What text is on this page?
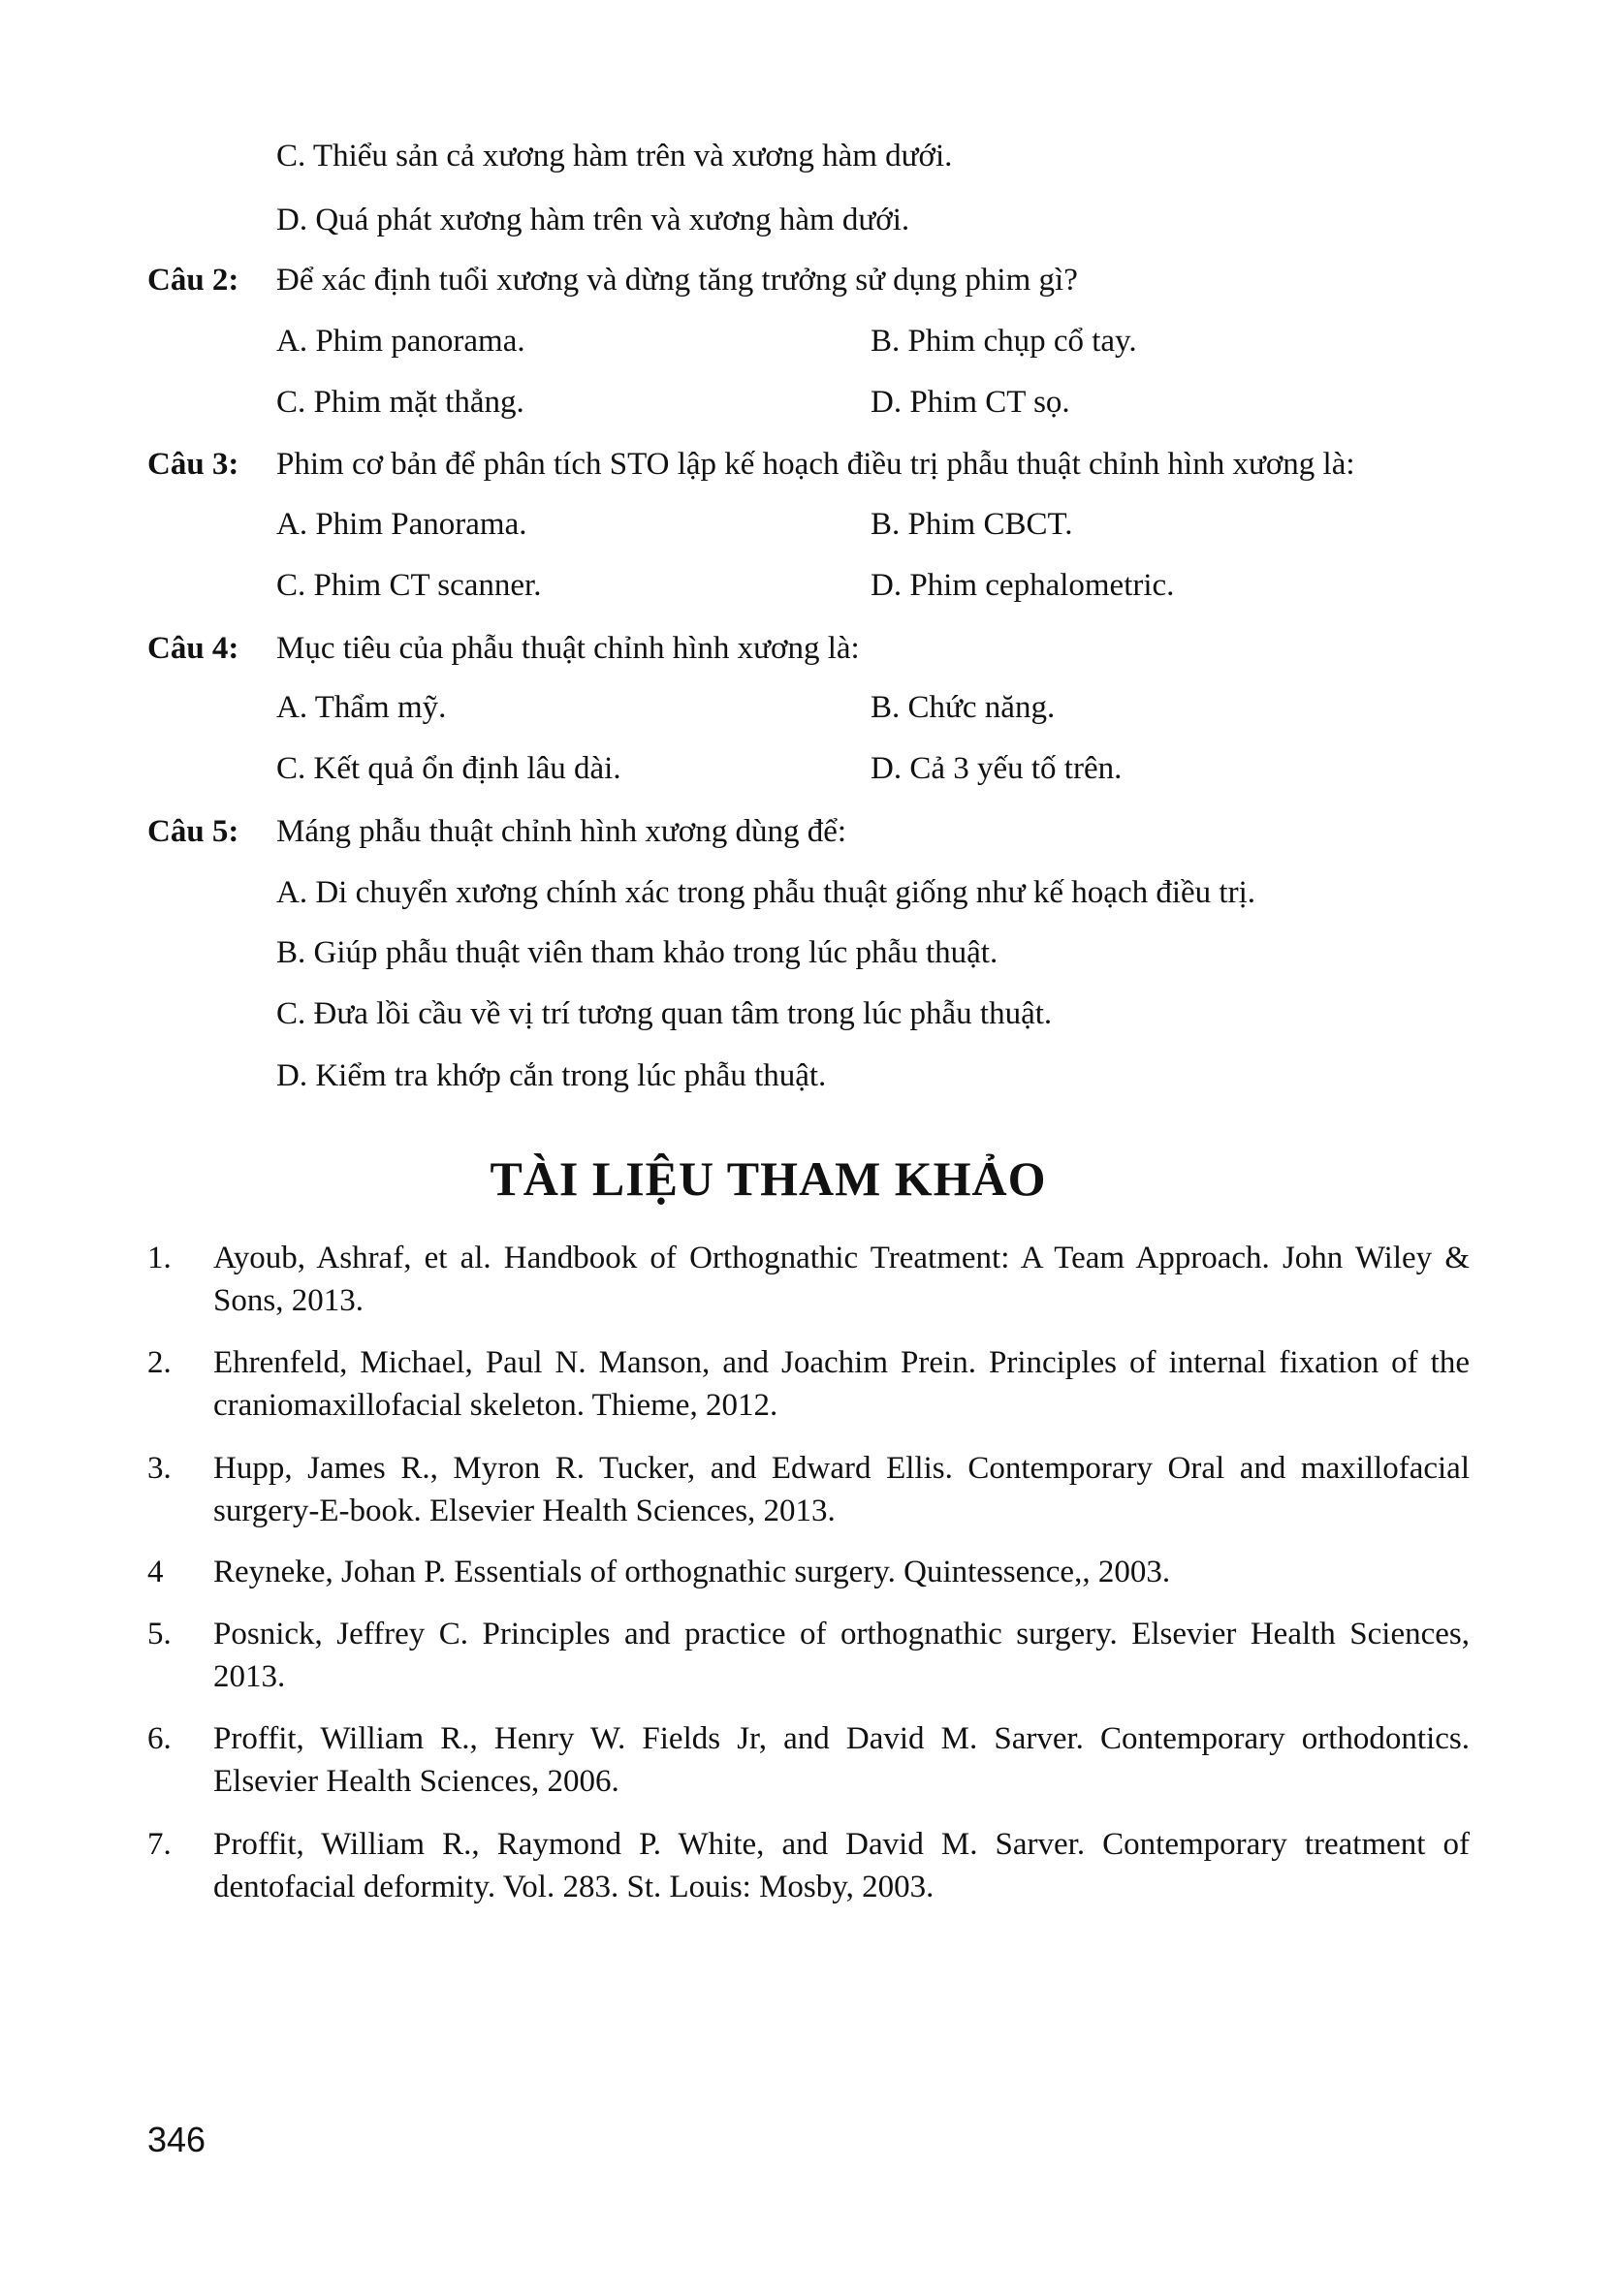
C. Thiểu sản cả xương hàm trên và xương hàm dưới.
D. Quá phát xương hàm trên và xương hàm dưới.
Câu 2: Để xác định tuổi xương và dừng tăng trưởng sử dụng phim gì?
A. Phim panorama.	B. Phim chụp cổ tay.
C. Phim mặt thẳng.	D. Phim CT sọ.
Câu 3: Phim cơ bản để phân tích STO lập kế hoạch điều trị phẫu thuật chỉnh hình xương là:
A. Phim Panorama.	B. Phim CBCT.
C. Phim CT scanner.	D. Phim cephalometric.
Câu 4: Mục tiêu của phẫu thuật chỉnh hình xương là:
A. Thẩm mỹ.	B. Chức năng.
C. Kết quả ổn định lâu dài.	D. Cả 3 yếu tố trên.
Câu 5: Máng phẫu thuật chỉnh hình xương dùng để:
A. Di chuyển xương chính xác trong phẫu thuật giống như kế hoạch điều trị.
B. Giúp phẫu thuật viên tham khảo trong lúc phẫu thuật.
C. Đưa lồi cầu về vị trí tương quan tâm trong lúc phẫu thuật.
D. Kiểm tra khớp cắn trong lúc phẫu thuật.
TÀI LIỆU THAM KHẢO
1. Ayoub, Ashraf, et al. Handbook of Orthognathic Treatment: A Team Approach. John Wiley & Sons, 2013.
2. Ehrenfeld, Michael, Paul N. Manson, and Joachim Prein. Principles of internal fixation of the craniomaxillofacial skeleton. Thieme, 2012.
3. Hupp, James R., Myron R. Tucker, and Edward Ellis. Contemporary Oral and maxillofacial surgery-E-book. Elsevier Health Sciences, 2013.
4 Reyneke, Johan P. Essentials of orthognathic surgery. Quintessence,, 2003.
5. Posnick, Jeffrey C. Principles and practice of orthognathic surgery. Elsevier Health Sciences, 2013.
6. Proffit, William R., Henry W. Fields Jr, and David M. Sarver. Contemporary orthodontics. Elsevier Health Sciences, 2006.
7. Proffit, William R., Raymond P. White, and David M. Sarver. Contemporary treatment of dentofacial deformity. Vol. 283. St. Louis: Mosby, 2003.
346
